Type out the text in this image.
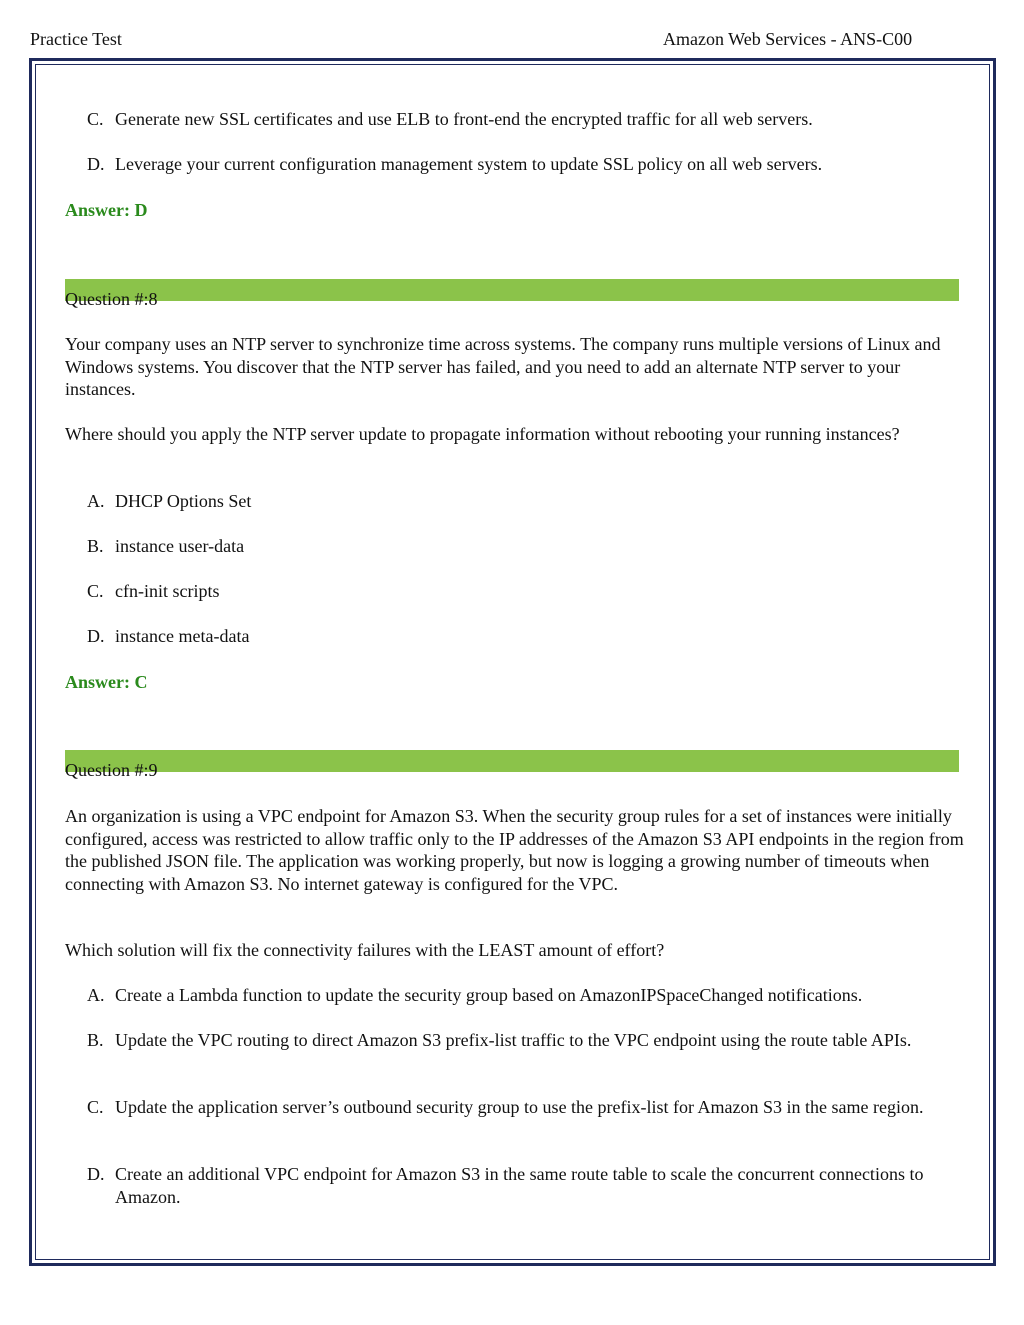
Practice Test	Amazon Web Services - ANS-C00
C. Generate new SSL certificates and use ELB to front-end the encrypted traffic for all web servers.
D. Leverage your current configuration management system to update SSL policy on all web servers.
Answer: D
Question #:8
Your company uses an NTP server to synchronize time across systems. The company runs multiple versions of Linux and Windows systems. You discover that the NTP server has failed, and you need to add an alternate NTP server to your instances.
Where should you apply the NTP server update to propagate information without rebooting your running instances?
A. DHCP Options Set
B. instance user-data
C. cfn-init scripts
D. instance meta-data
Answer: C
Question #:9
An organization is using a VPC endpoint for Amazon S3. When the security group rules for a set of instances were initially configured, access was restricted to allow traffic only to the IP addresses of the Amazon S3 API endpoints in the region from the published JSON file. The application was working properly, but now is logging a growing number of timeouts when connecting with Amazon S3. No internet gateway is configured for the VPC.
Which solution will fix the connectivity failures with the LEAST amount of effort?
A. Create a Lambda function to update the security group based on AmazonIPSpaceChanged notifications.
B. Update the VPC routing to direct Amazon S3 prefix-list traffic to the VPC endpoint using the route table APIs.
C. Update the application server’s outbound security group to use the prefix-list for Amazon S3 in the same region.
D. Create an additional VPC endpoint for Amazon S3 in the same route table to scale the concurrent connections to Amazon.
